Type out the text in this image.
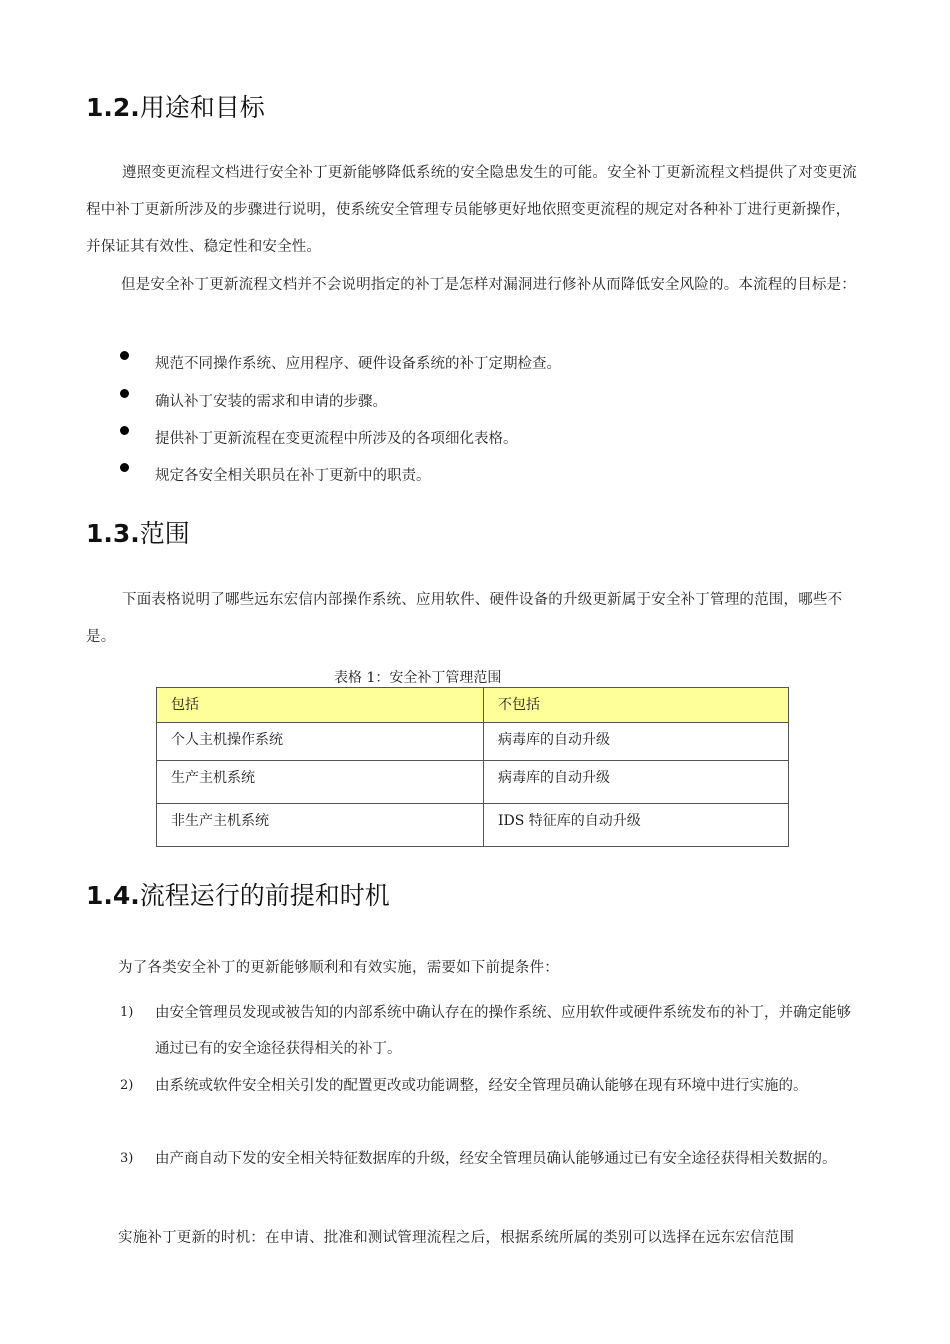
1.2.用途和目标

遵照变更流程文档进行安全补丁更新能够降低系统的安全隐患发生的可能。安全补丁更新流程文档提供了对变更流程中补丁更新所涉及的步骤进行说明，使系统安全管理专员能够更好地依照变更流程的规定对各种补丁进行更新操作，并保证其有效性、稳定性和安全性。

但是安全补丁更新流程文档并不会说明指定的补丁是怎样对漏洞进行修补从而降低安全风险的。本流程的目标是：

规范不同操作系统、应用程序、硬件设备系统的补丁定期检查。
确认补丁安装的需求和申请的步骤。
提供补丁更新流程在变更流程中所涉及的各项细化表格。
规定各安全相关职员在补丁更新中的职责。
1.3.范围

下面表格说明了哪些远东宏信内部操作系统、应用软件、硬件设备的升级更新属于安全补丁管理的范围，哪些不是。

表格 1：安全补丁管理范围
包括	不包括
个人主机操作系统	病毒库的自动升级
生产主机系统	病毒库的自动升级
非生产主机系统	IDS 特征库的自动升级
1.4.流程运行的前提和时机

为了各类安全补丁的更新能够顺利和有效实施，需要如下前提条件：

1) 由安全管理员发现或被告知的内部系统中确认存在的操作系统、应用软件或硬件系统发布的补丁，并确定能够通过已有的安全途径获得相关的补丁。
2) 由系统或软件安全相关引发的配置更改或功能调整，经安全管理员确认能够在现有环境中进行实施的。
3) 由产商自动下发的安全相关特征数据库的升级，经安全管理员确认能够通过已有安全途径获得相关数据的。

实施补丁更新的时机：在申请、批准和测试管理流程之后，根据系统所属的类别可以选择在远东宏信范围
